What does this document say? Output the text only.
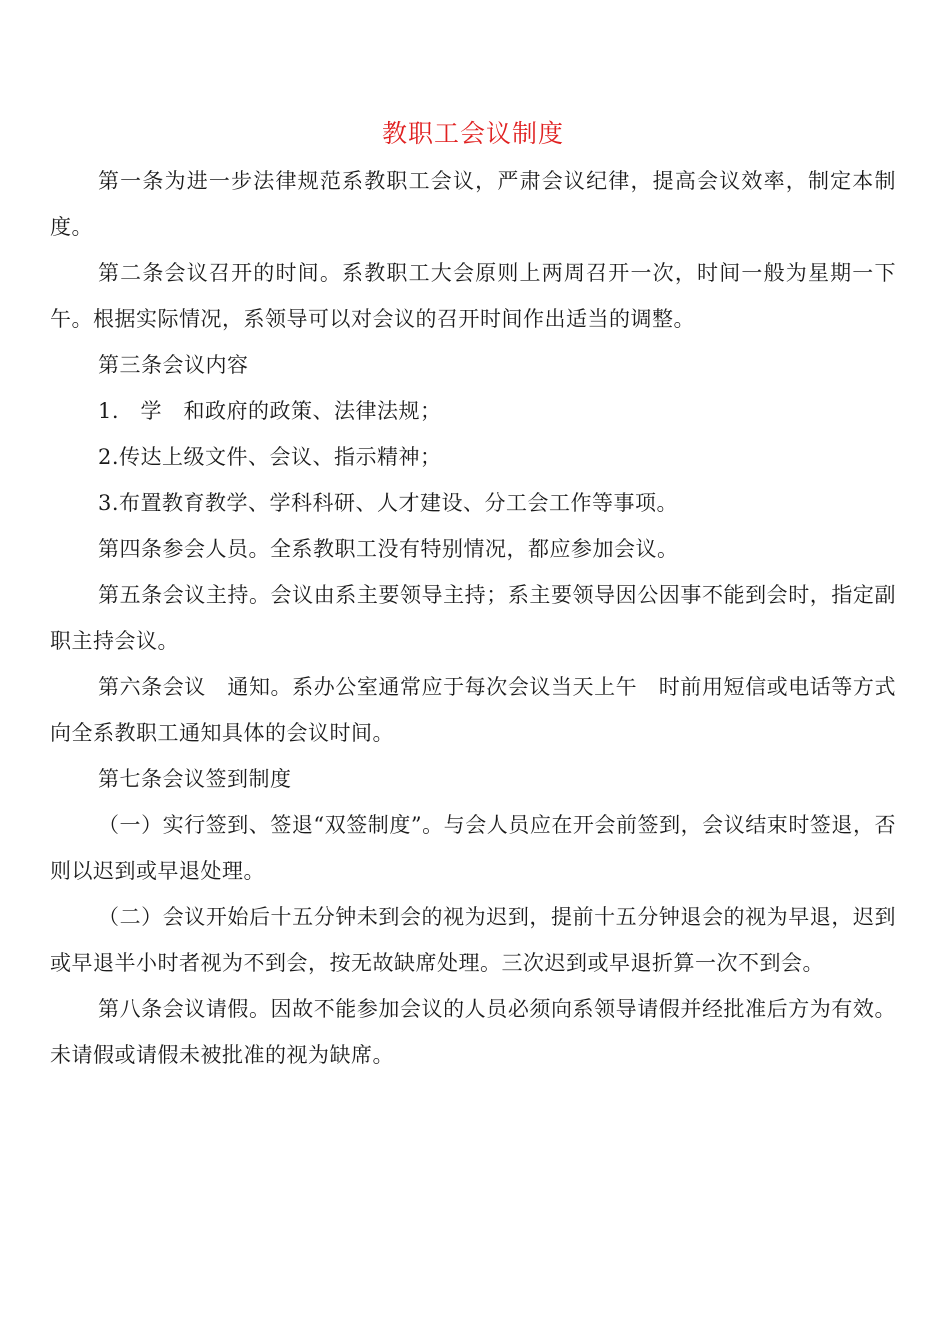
教职工会议制度

第一条为进一步法律规范系教职工会议，严肃会议纪律，提高会议效率，制定本制度。

第二条会议召开的时间。系教职工大会原则上两周召开一次，时间一般为星期一下午。根据实际情况，系领导可以对会议的召开时间作出适当的调整。

第三条会议内容

1.　学　和政府的政策、法律法规；

2.传达上级文件、会议、指示精神；

3.布置教育教学、学科科研、人才建设、分工会工作等事项。

第四条参会人员。全系教职工没有特别情况，都应参加会议。

第五条会议主持。会议由系主要领导主持；系主要领导因公因事不能到会时，指定副职主持会议。

第六条会议　通知。系办公室通常应于每次会议当天上午　时前用短信或电话等方式向全系教职工通知具体的会议时间。

第七条会议签到制度

（一）实行签到、签退“双签制度”。与会人员应在开会前签到，会议结束时签退，否则以迟到或早退处理。

（二）会议开始后十五分钟未到会的视为迟到，提前十五分钟退会的视为早退，迟到或早退半小时者视为不到会，按无故缺席处理。三次迟到或早退折算一次不到会。

第八条会议请假。因故不能参加会议的人员必须向系领导请假并经批准后方为有效。未请假或请假未被批准的视为缺席。
